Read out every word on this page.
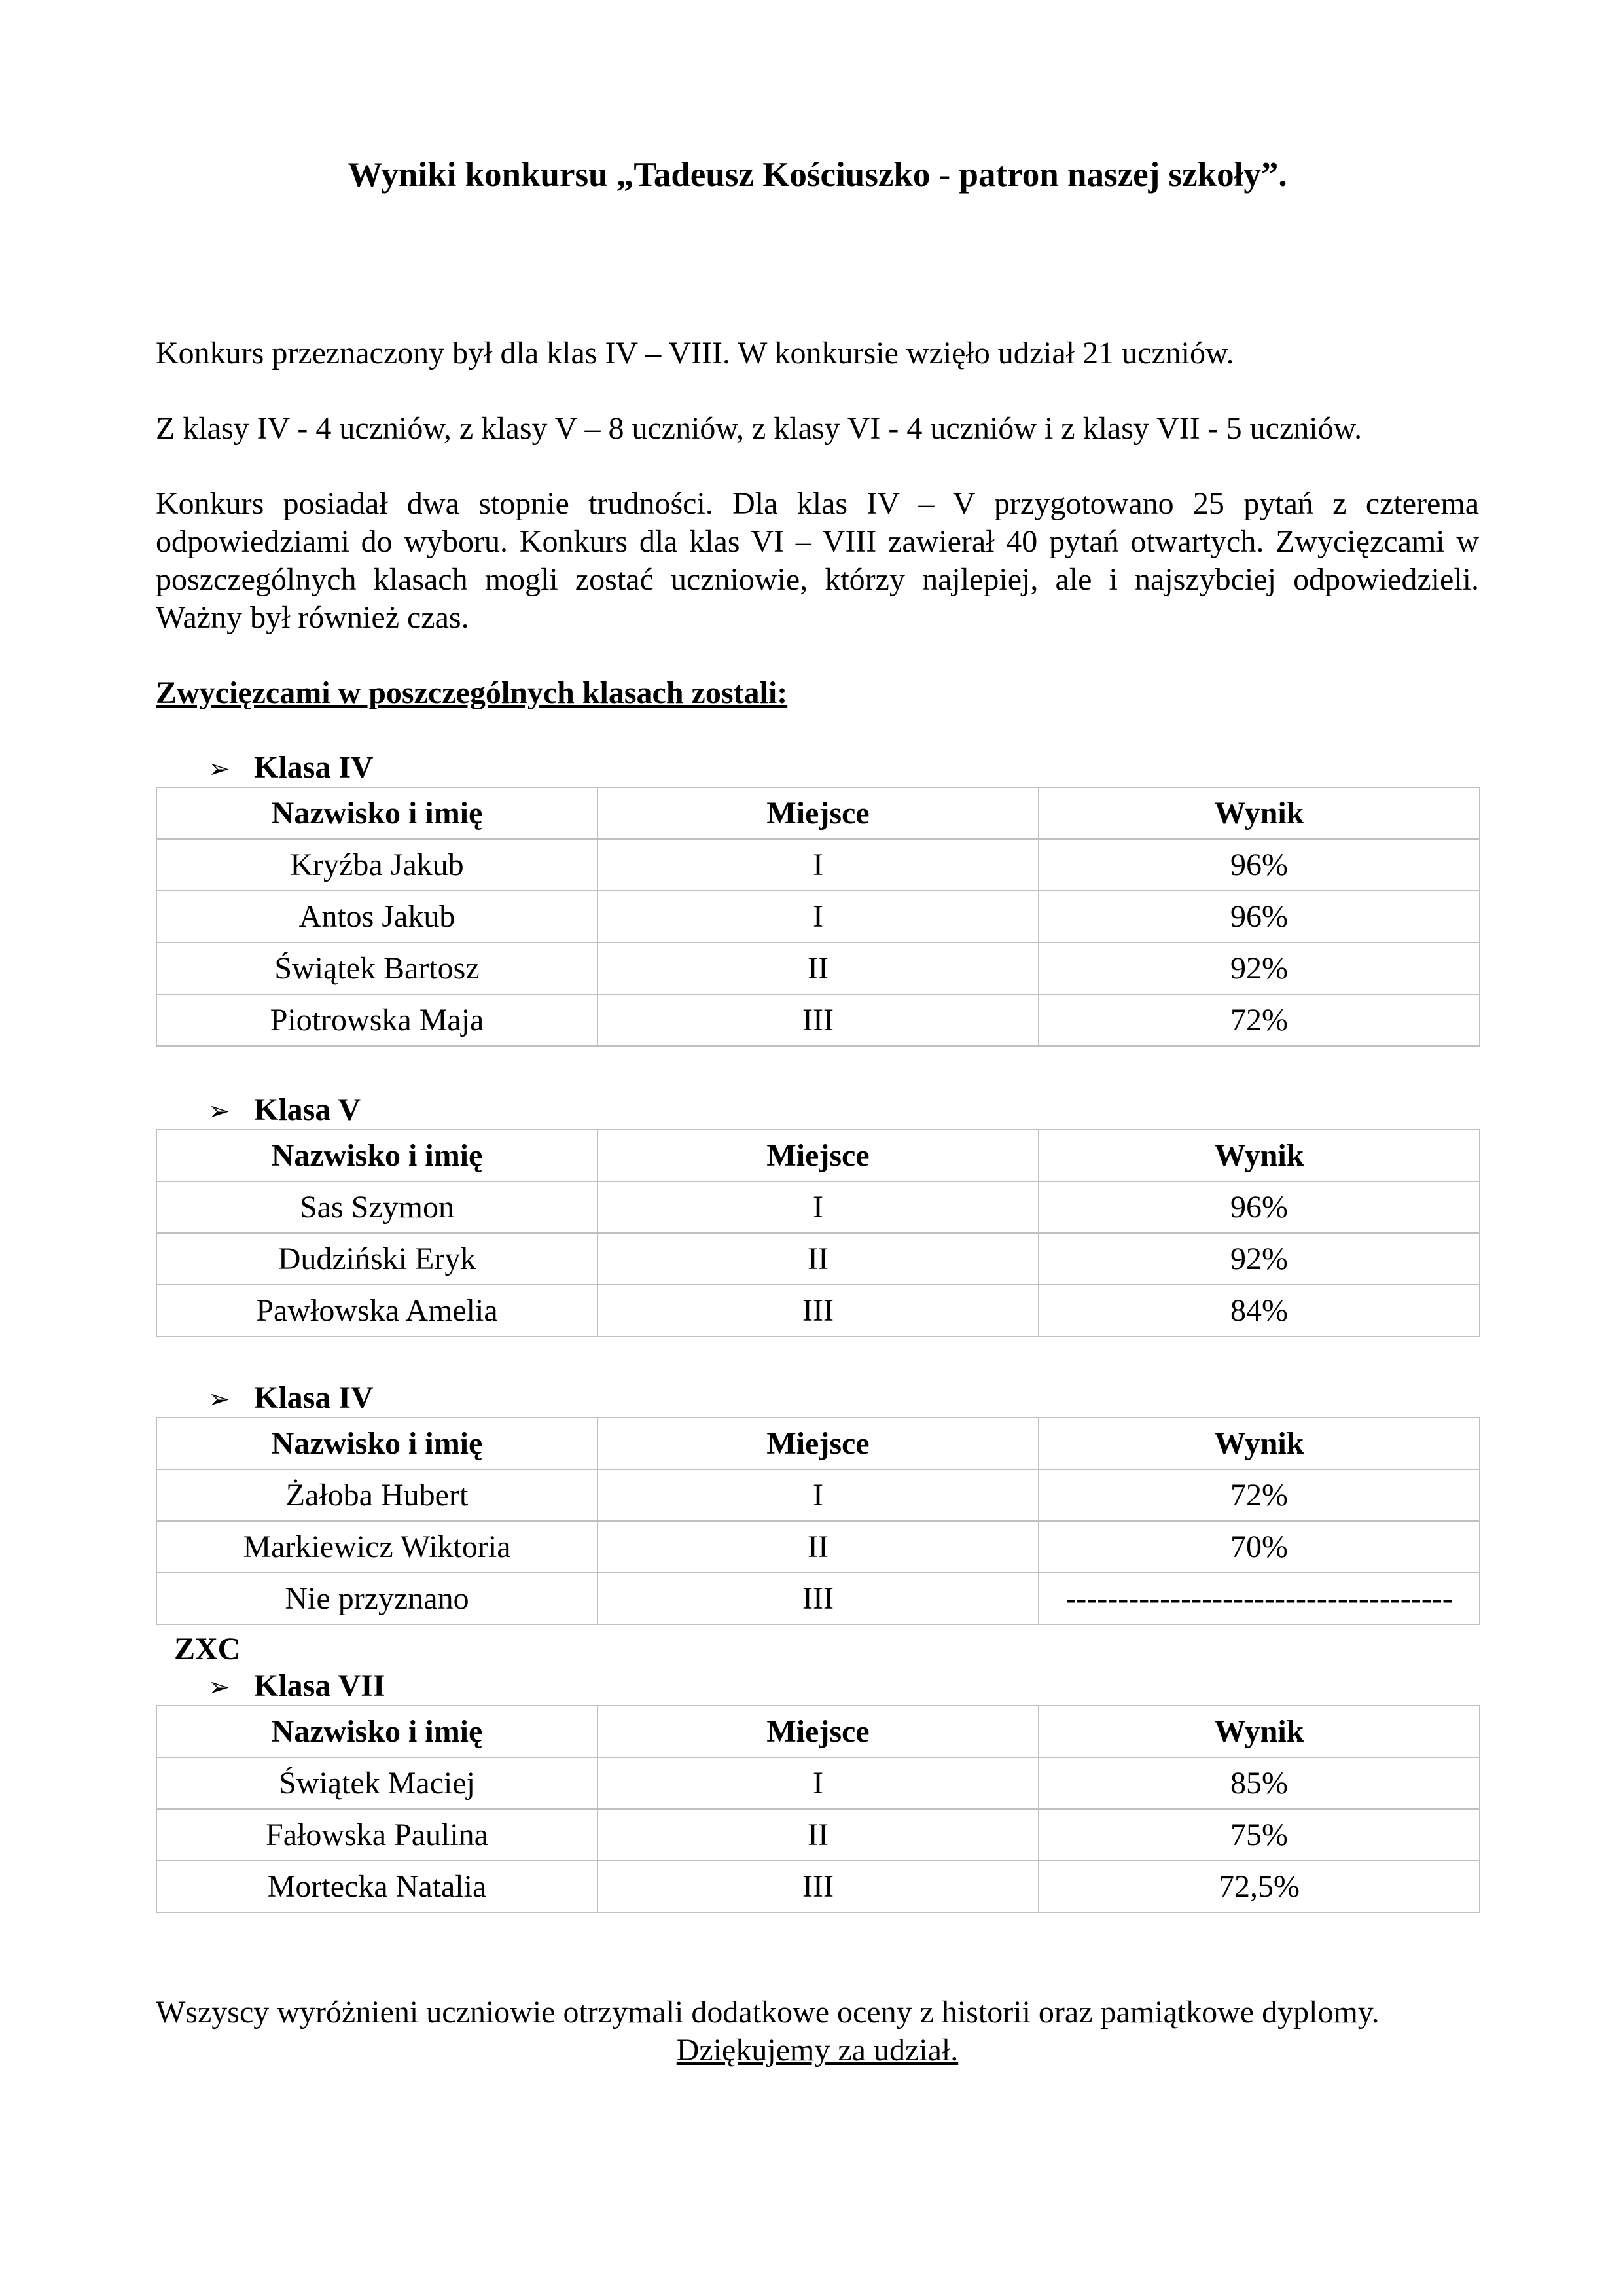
Wyniki konkursu „Tadeusz Kościuszko - patron naszej szkoły”.

Konkurs przeznaczony był dla klas IV – VIII. W konkursie wzięło udział 21 uczniów.

Z klasy IV - 4 uczniów, z klasy V – 8 uczniów, z klasy VI - 4 uczniów i z klasy VII - 5 uczniów.

Konkurs posiadał dwa stopnie trudności. Dla klas IV – V przygotowano 25 pytań z czterema odpowiedziami do wyboru. Konkurs dla klas VI – VIII zawierał 40 pytań otwartych. Zwycięzcami w poszczególnych klasach mogli zostać uczniowie, którzy najlepiej, ale i najszybciej odpowiedzieli. Ważny był również czas.

Zwycięzcami w poszczególnych klasach zostali:

➢ Klasa IV

Nazwisko i imię	Miejsce	Wynik
Kryźba Jakub	I	96%
Antos Jakub	I	96%
Świątek Bartosz	II	92%
Piotrowska Maja	III	72%

➢ Klasa V

Nazwisko i imię	Miejsce	Wynik
Sas Szymon	I	96%
Dudziński Eryk	II	92%
Pawłowska Amelia	III	84%

➢ Klasa IV

Nazwisko i imię	Miejsce	Wynik
Żałoba Hubert	I	72%
Markiewicz Wiktoria	II	70%
Nie przyznano	III	-------------------------------------

ZXC

➢ Klasa VII

Nazwisko i imię	Miejsce	Wynik
Świątek Maciej	I	85%
Fałowska Paulina	II	75%
Mortecka Natalia	III	72,5%

Wszyscy wyróżnieni uczniowie otrzymali dodatkowe oceny z historii oraz pamiątkowe dyplomy.

Dziękujemy za udział.
